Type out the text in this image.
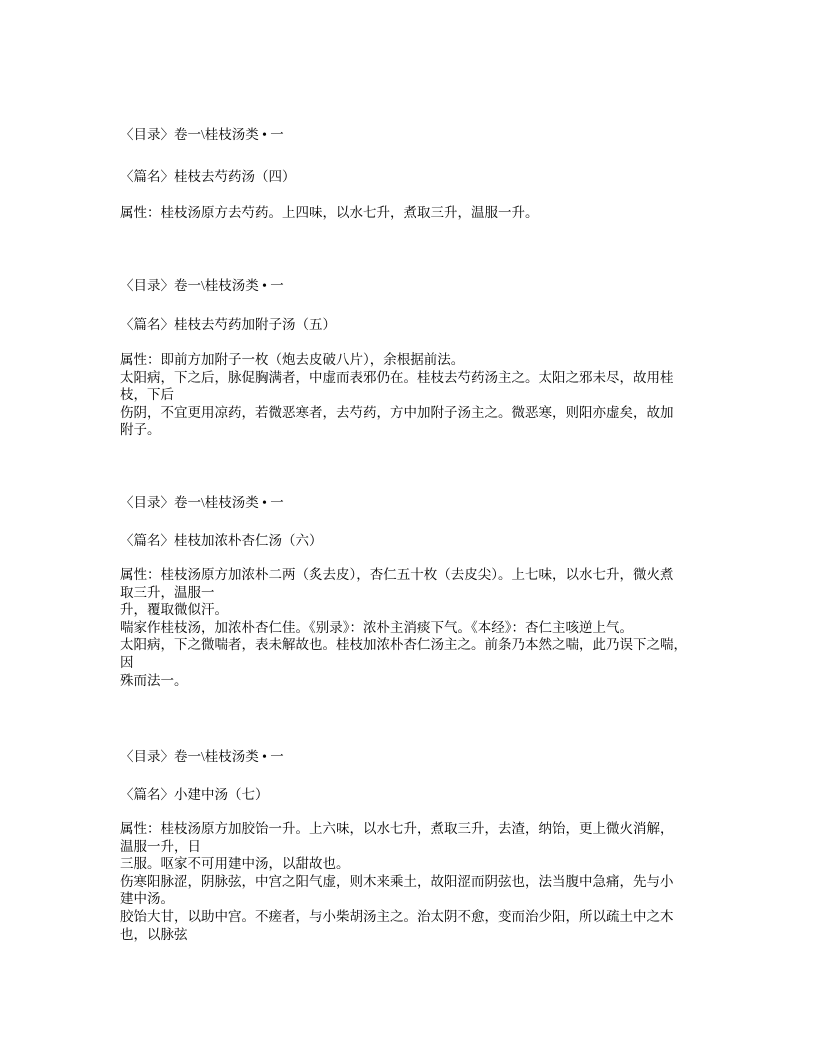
〈目录〉卷一\桂枝汤类 • 一
〈篇名〉桂枝去芍药汤（四）
属性：桂枝汤原方去芍药。上四味，以水七升，煮取三升，温服一升。
〈目录〉卷一\桂枝汤类 • 一
〈篇名〉桂枝去芍药加附子汤（五）
属性：即前方加附子一枚（炮去皮破八片），余根据前法。
太阳病，下之后，脉促胸满者，中虚而表邪仍在。桂枝去芍药汤主之。太阳之邪未尽，故用桂
枝，下后
伤阴，不宜更用凉药，若微恶寒者，去芍药，方中加附子汤主之。微恶寒，则阳亦虚矣，故加
附子。
〈目录〉卷一\桂枝汤类 • 一
〈篇名〉桂枝加浓朴杏仁汤（六）
属性：桂枝汤原方加浓朴二两（炙去皮），杏仁五十枚（去皮尖）。上七味，以水七升，微火煮
取三升，温服一
升，覆取微似汗。
喘家作桂枝汤，加浓朴杏仁佳。《别录》：浓朴主消痰下气。《本经》：杏仁主咳逆上气。
太阳病，下之微喘者，表未解故也。桂枝加浓朴杏仁汤主之。前条乃本然之喘，此乃误下之喘，
因
殊而法一。
〈目录〉卷一\桂枝汤类 • 一
〈篇名〉小建中汤（七）
属性：桂枝汤原方加胶饴一升。上六味，以水七升，煮取三升，去渣，纳饴，更上微火消解，
温服一升，日
三服。呕家不可用建中汤，以甜故也。
伤寒阳脉涩，阴脉弦，中宫之阳气虚，则木来乘土，故阳涩而阴弦也，法当腹中急痛，先与小
建中汤。
胶饴大甘，以助中宫。不瘥者，与小柴胡汤主之。治太阴不愈，变而治少阳，所以疏土中之木
也，以脉弦
